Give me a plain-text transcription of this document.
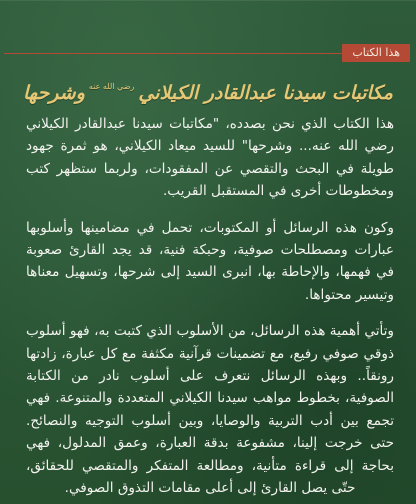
هذا الكتاب
مكاتبات سيدنا عبدالقادر الكيلاني
رضي الله عنه
وشرحها

هذا الكتاب الذي نحن بصدده، "مكاتبات سيدنا عبدالقادر الكيلاني رضي الله عنه... وشرحها" للسيد ميعاد الكيلاني، هو ثمرة جهود طويلة في البحث والتقصي عن المفقودات، ولربما ستظهر كتب ومخطوطات أخرى في المستقبل القريب.

وكون هذه الرسائل أو المكتوبات، تحمل في مضامينها وأسلوبها عبارات ومصطلحات صوفية، وحبكة فنية، قد يجد القارئ صعوبة في فهمها، والإحاطة بها، انبرى السيد إلى شرحها، وتسهيل معناها وتيسير محتواها.

وتأتي أهمية هذه الرسائل، من الأسلوب الذي كتبت به، فهو أسلوب ذوقي صوفي رفيع، مع تضمينات قرآنية مكثفة مع كل عبارة، زادتها رونقاً.. وبهذه الرسائل نتعرف على أسلوب نادر من الكتابة الصوفية، بخطوط مواهب سيدنا الكيلاني المتعددة والمتنوعة. فهي تجمع بين أدب التربية والوصايا، وبين أسلوب التوجيه والنصائح. حتى خرجت إلينا، مشفوعة بدقة العبارة، وعمق المدلول، فهي بحاجة إلى قراءة متأنية، ومطالعة المتفكر والمتقصي للحقائق، حتّى يصل القارئ إلى أعلى مقامات التذوق الصوفي.
